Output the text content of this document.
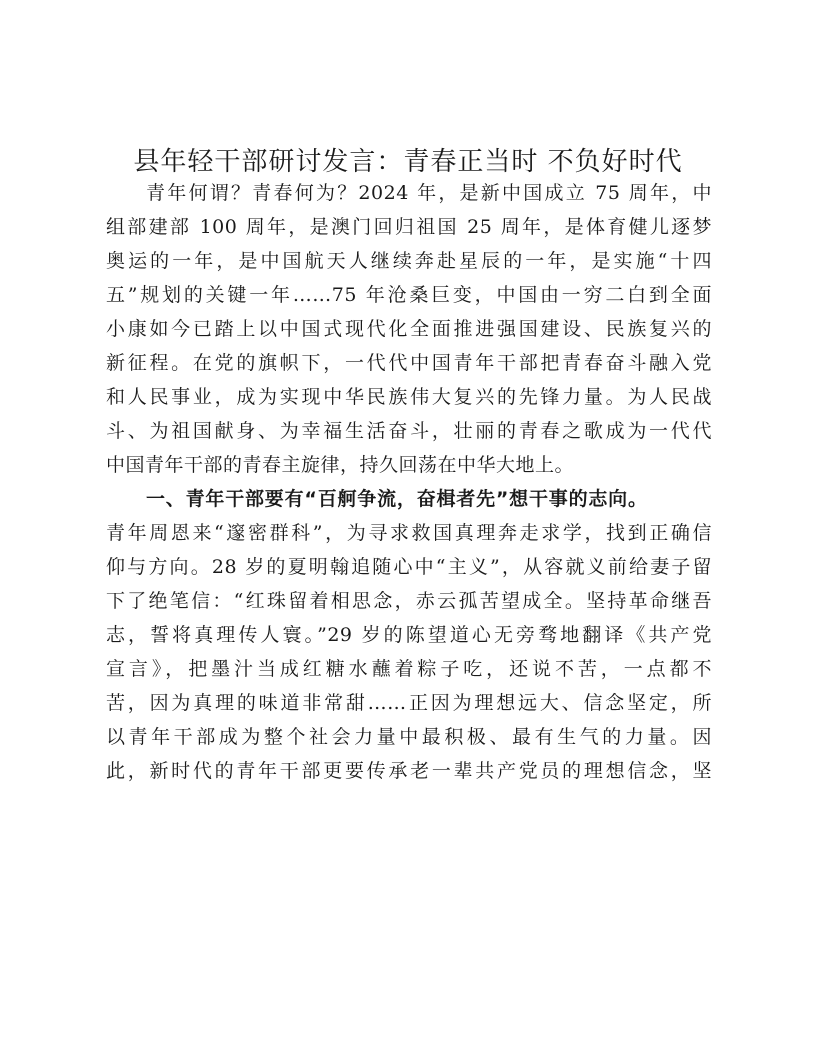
县年轻干部研讨发言：青春正当时 不负好时代
青年何谓？青春何为？2024 年，是新中国成立 75 周年，中
组部建部 100 周年，是澳门回归祖国 25 周年，是体育健儿逐梦
奥运的一年，是中国航天人继续奔赴星辰的一年，是实施“十四
五”规划的关键一年……75 年沧桑巨变，中国由一穷二白到全面
小康如今已踏上以中国式现代化全面推进强国建设、民族复兴的
新征程。在党的旗帜下，一代代中国青年干部把青春奋斗融入党
和人民事业，成为实现中华民族伟大复兴的先锋力量。为人民战
斗、为祖国献身、为幸福生活奋斗，壮丽的青春之歌成为一代代
中国青年干部的青春主旋律，持久回荡在中华大地上。
一、青年干部要有“百舸争流，奋楫者先”想干事的志向。
青年周恩来“邃密群科”，为寻求救国真理奔走求学，找到正确信
仰与方向。28 岁的夏明翰追随心中“主义”，从容就义前给妻子留
下了绝笔信：“红珠留着相思念，赤云孤苦望成全。坚持革命继吾
志，誓将真理传人寰。”29 岁的陈望道心无旁骛地翻译《共产党
宣言》，把墨汁当成红糖水蘸着粽子吃，还说不苦，一点都不
苦，因为真理的味道非常甜……正因为理想远大、信念坚定，所
以青年干部成为整个社会力量中最积极、最有生气的力量。因
此，新时代的青年干部更要传承老一辈共产党员的理想信念，坚
